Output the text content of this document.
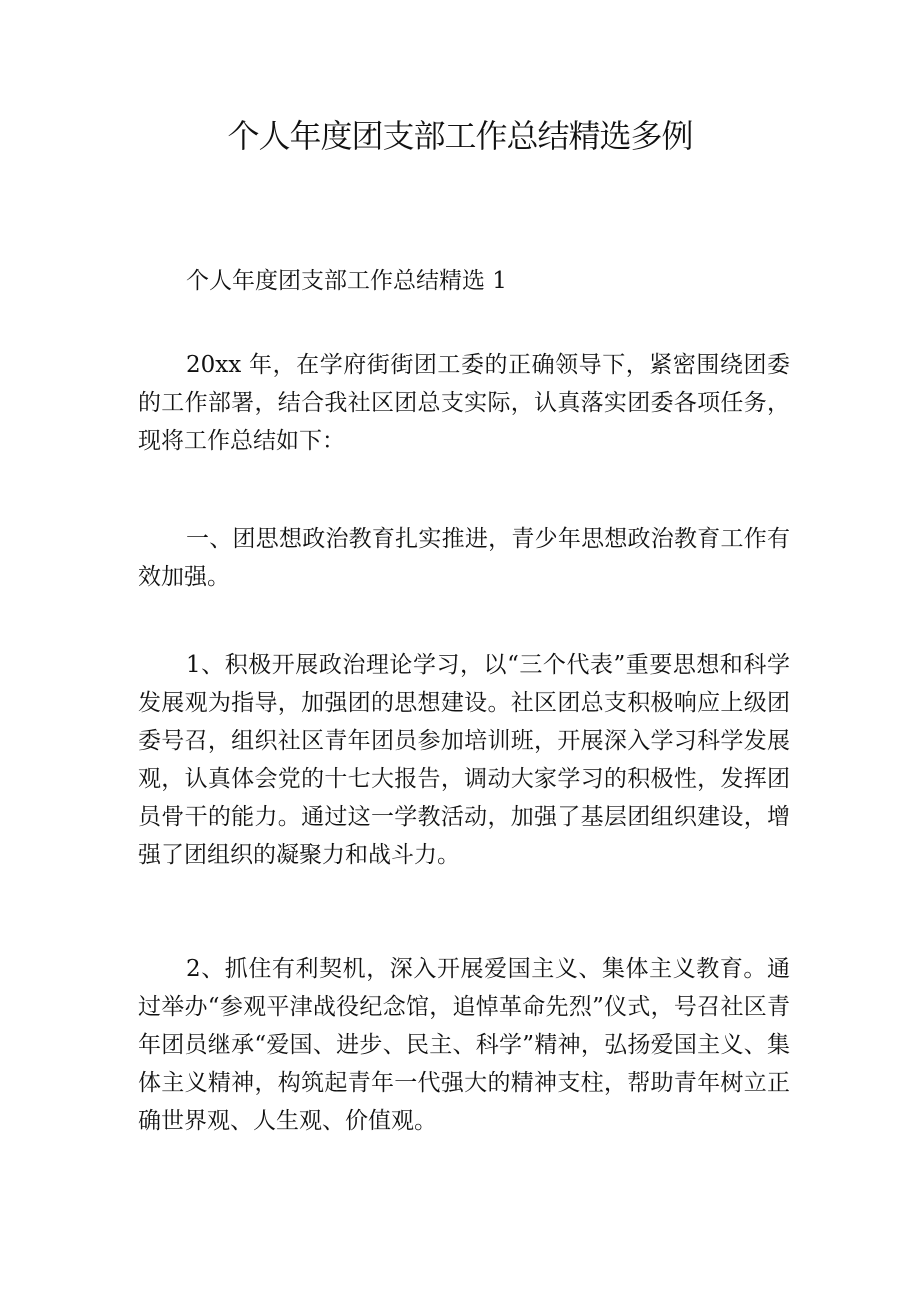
个人年度团支部工作总结精选多例
个人年度团支部工作总结精选 1

20xx 年，在学府街街团工委的正确领导下，紧密围绕团委的工作部署，结合我社区团总支实际，认真落实团委各项任务，现将工作总结如下：

一、团思想政治教育扎实推进，青少年思想政治教育工作有效加强。

1、积极开展政治理论学习，以“三个代表”重要思想和科学发展观为指导，加强团的思想建设。社区团总支积极响应上级团委号召，组织社区青年团员参加培训班，开展深入学习科学发展观，认真体会党的十七大报告，调动大家学习的积极性，发挥团员骨干的能力。通过这一学教活动，加强了基层团组织建设，增强了团组织的凝聚力和战斗力。

2、抓住有利契机，深入开展爱国主义、集体主义教育。通过举办“参观平津战役纪念馆，追悼革命先烈”仪式，号召社区青年团员继承“爱国、进步、民主、科学”精神，弘扬爱国主义、集体主义精神，构筑起青年一代强大的精神支柱，帮助青年树立正确世界观、人生观、价值观。
